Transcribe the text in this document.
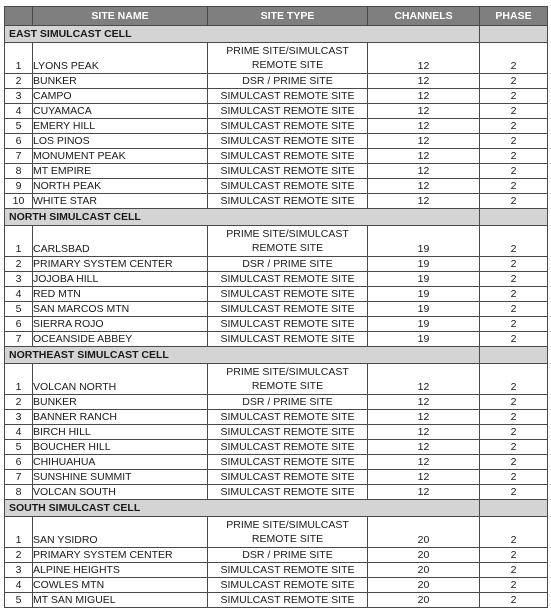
	SITE NAME	SITE TYPE	CHANNELS	PHASE
EAST SIMULCAST CELL				
1	LYONS PEAK	PRIME SITE/SIMULCAST REMOTE SITE	12	2
2	BUNKER	DSR / PRIME SITE	12	2
3	CAMPO	SIMULCAST REMOTE SITE	12	2
4	CUYAMACA	SIMULCAST REMOTE SITE	12	2
5	EMERY HILL	SIMULCAST REMOTE SITE	12	2
6	LOS PINOS	SIMULCAST REMOTE SITE	12	2
7	MONUMENT PEAK	SIMULCAST REMOTE SITE	12	2
8	MT EMPIRE	SIMULCAST REMOTE SITE	12	2
9	NORTH PEAK	SIMULCAST REMOTE SITE	12	2
10	WHITE STAR	SIMULCAST REMOTE SITE	12	2
NORTH SIMULCAST CELL				
1	CARLSBAD	PRIME SITE/SIMULCAST REMOTE SITE	19	2
2	PRIMARY SYSTEM CENTER	DSR / PRIME SITE	19	2
3	JOJOBA HILL	SIMULCAST REMOTE SITE	19	2
4	RED MTN	SIMULCAST REMOTE SITE	19	2
5	SAN MARCOS MTN	SIMULCAST REMOTE SITE	19	2
6	SIERRA ROJO	SIMULCAST REMOTE SITE	19	2
7	OCEANSIDE ABBEY	SIMULCAST REMOTE SITE	19	2
NORTHEAST SIMULCAST CELL				
1	VOLCAN NORTH	PRIME SITE/SIMULCAST REMOTE SITE	12	2
2	BUNKER	DSR / PRIME SITE	12	2
3	BANNER RANCH	SIMULCAST REMOTE SITE	12	2
4	BIRCH HILL	SIMULCAST REMOTE SITE	12	2
5	BOUCHER HILL	SIMULCAST REMOTE SITE	12	2
6	CHIHUAHUA	SIMULCAST REMOTE SITE	12	2
7	SUNSHINE SUMMIT	SIMULCAST REMOTE SITE	12	2
8	VOLCAN SOUTH	SIMULCAST REMOTE SITE	12	2
SOUTH SIMULCAST CELL				
1	SAN YSIDRO	PRIME SITE/SIMULCAST REMOTE SITE	20	2
2	PRIMARY SYSTEM CENTER	DSR / PRIME SITE	20	2
3	ALPINE HEIGHTS	SIMULCAST REMOTE SITE	20	2
4	COWLES MTN	SIMULCAST REMOTE SITE	20	2
5	MT SAN MIGUEL	SIMULCAST REMOTE SITE	20	2
